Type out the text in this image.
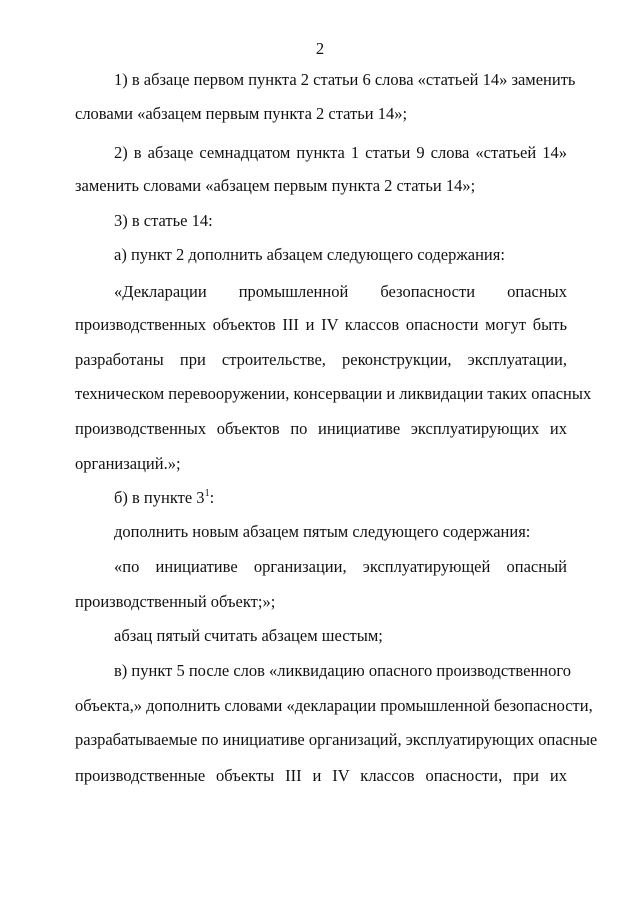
2
1) в абзаце первом пункта 2 статьи 6 слова «статьей 14» заменить
словами «абзацем первым пункта 2 статьи 14»;
2) в абзаце семнадцатом пункта 1 статьи 9 слова «статьей 14»
заменить словами «абзацем первым пункта 2 статьи 14»;
3) в статье 14:
а) пункт 2 дополнить абзацем следующего содержания:
«Декларации промышленной безопасности опасных
производственных объектов III и IV классов опасности могут быть
разработаны при строительстве, реконструкции, эксплуатации,
техническом перевооружении, консервации и ликвидации таких опасных
производственных объектов по инициативе эксплуатирующих их
организаций.»;
б) в пункте $3^1$:
дополнить новым абзацем пятым следующего содержания:
«по инициативе организации, эксплуатирующей опасный
производственный объект;»;
абзац пятый считать абзацем шестым;
в) пункт 5 после слов «ликвидацию опасного производственного
объекта,» дополнить словами «декларации промышленной безопасности,
разрабатываемые по инициативе организаций, эксплуатирующих опасные
производственные объекты III и IV классов опасности, при их
